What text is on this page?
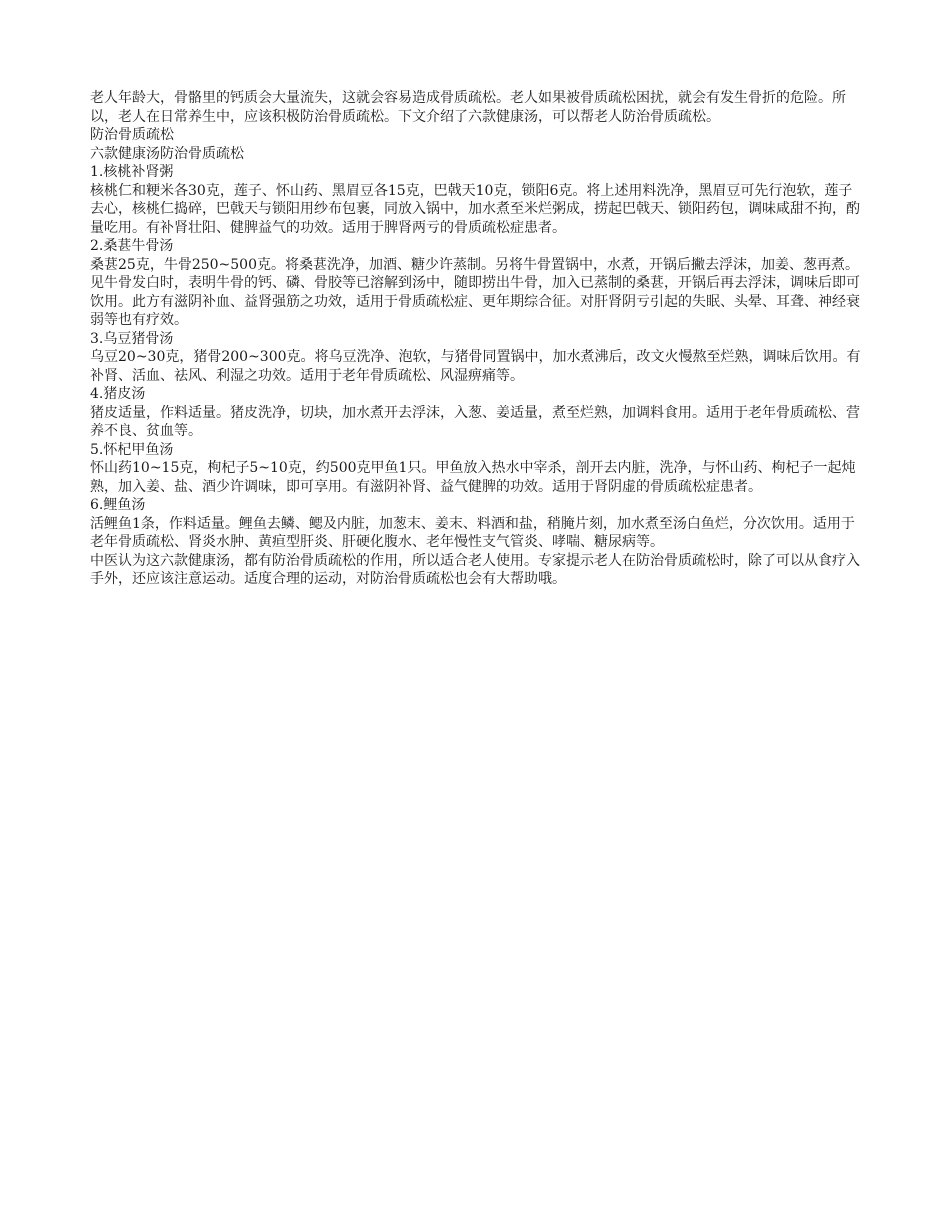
老人年龄大，骨骼里的钙质会大量流失，这就会容易造成骨质疏松。老人如果被骨质疏松困扰，就会有发生骨折的危险。所以，老人在日常养生中，应该积极防治骨质疏松。下文介绍了六款健康汤，可以帮老人防治骨质疏松。

防治骨质疏松

六款健康汤防治骨质疏松

1.核桃补肾粥

核桃仁和粳米各30克，莲子、怀山药、黑眉豆各15克，巴戟天10克，锁阳6克。将上述用料洗净，黑眉豆可先行泡软，莲子去心，核桃仁捣碎，巴戟天与锁阳用纱布包裹，同放入锅中，加水煮至米烂粥成，捞起巴戟天、锁阳药包，调味咸甜不拘，酌量吃用。有补肾壮阳、健脾益气的功效。适用于脾肾两亏的骨质疏松症患者。

2.桑葚牛骨汤

桑葚25克，牛骨250~500克。将桑葚洗净，加酒、糖少许蒸制。另将牛骨置锅中，水煮，开锅后撇去浮沫，加姜、葱再煮。见牛骨发白时，表明牛骨的钙、磷、骨胶等已溶解到汤中，随即捞出牛骨，加入已蒸制的桑葚，开锅后再去浮沫，调味后即可饮用。此方有滋阴补血、益肾强筋之功效，适用于骨质疏松症、更年期综合征。对肝肾阴亏引起的失眠、头晕、耳聋、神经衰弱等也有疗效。

3.乌豆猪骨汤

乌豆20~30克，猪骨200~300克。将乌豆洗净、泡软，与猪骨同置锅中，加水煮沸后，改文火慢熬至烂熟，调味后饮用。有补肾、活血、祛风、利湿之功效。适用于老年骨质疏松、风湿痹痛等。

4.猪皮汤

猪皮适量，作料适量。猪皮洗净，切块，加水煮开去浮沫，入葱、姜适量，煮至烂熟，加调料食用。适用于老年骨质疏松、营养不良、贫血等。

5.怀杞甲鱼汤

怀山药10~15克，枸杞子5~10克，约500克甲鱼1只。甲鱼放入热水中宰杀，剖开去内脏，洗净，与怀山药、枸杞子一起炖熟，加入姜、盐、酒少许调味，即可享用。有滋阴补肾、益气健脾的功效。适用于肾阴虚的骨质疏松症患者。

6.鲤鱼汤

活鲤鱼1条，作料适量。鲤鱼去鳞、鳃及内脏，加葱末、姜末、料酒和盐，稍腌片刻，加水煮至汤白鱼烂，分次饮用。适用于老年骨质疏松、肾炎水肿、黄疸型肝炎、肝硬化腹水、老年慢性支气管炎、哮喘、糖尿病等。

中医认为这六款健康汤，都有防治骨质疏松的作用，所以适合老人使用。专家提示老人在防治骨质疏松时，除了可以从食疗入手外，还应该注意运动。适度合理的运动，对防治骨质疏松也会有大帮助哦。
